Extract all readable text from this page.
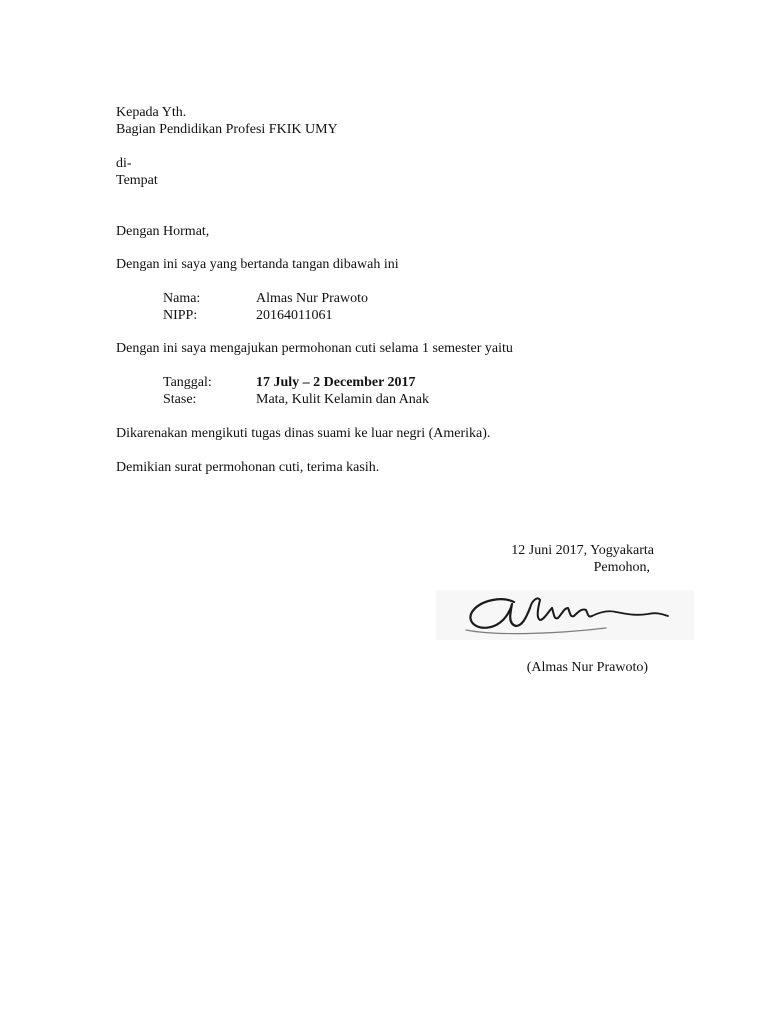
Kepada Yth.
Bagian Pendidikan Profesi FKIK UMY
di-
Tempat
Dengan Hormat,
Dengan ini saya yang bertanda tangan dibawah ini
Nama:	Almas Nur Prawoto
NIPP:	20164011061
Dengan ini saya mengajukan permohonan cuti selama 1 semester yaitu
Tanggal:	17 July – 2 December 2017
Stase:	Mata, Kulit Kelamin dan Anak
Dikarenakan mengikuti tugas dinas suami ke luar negri (Amerika).
Demikian surat permohonan cuti, terima kasih.
12 Juni 2017, Yogyakarta
Pemohon,
(Almas Nur Prawoto)
